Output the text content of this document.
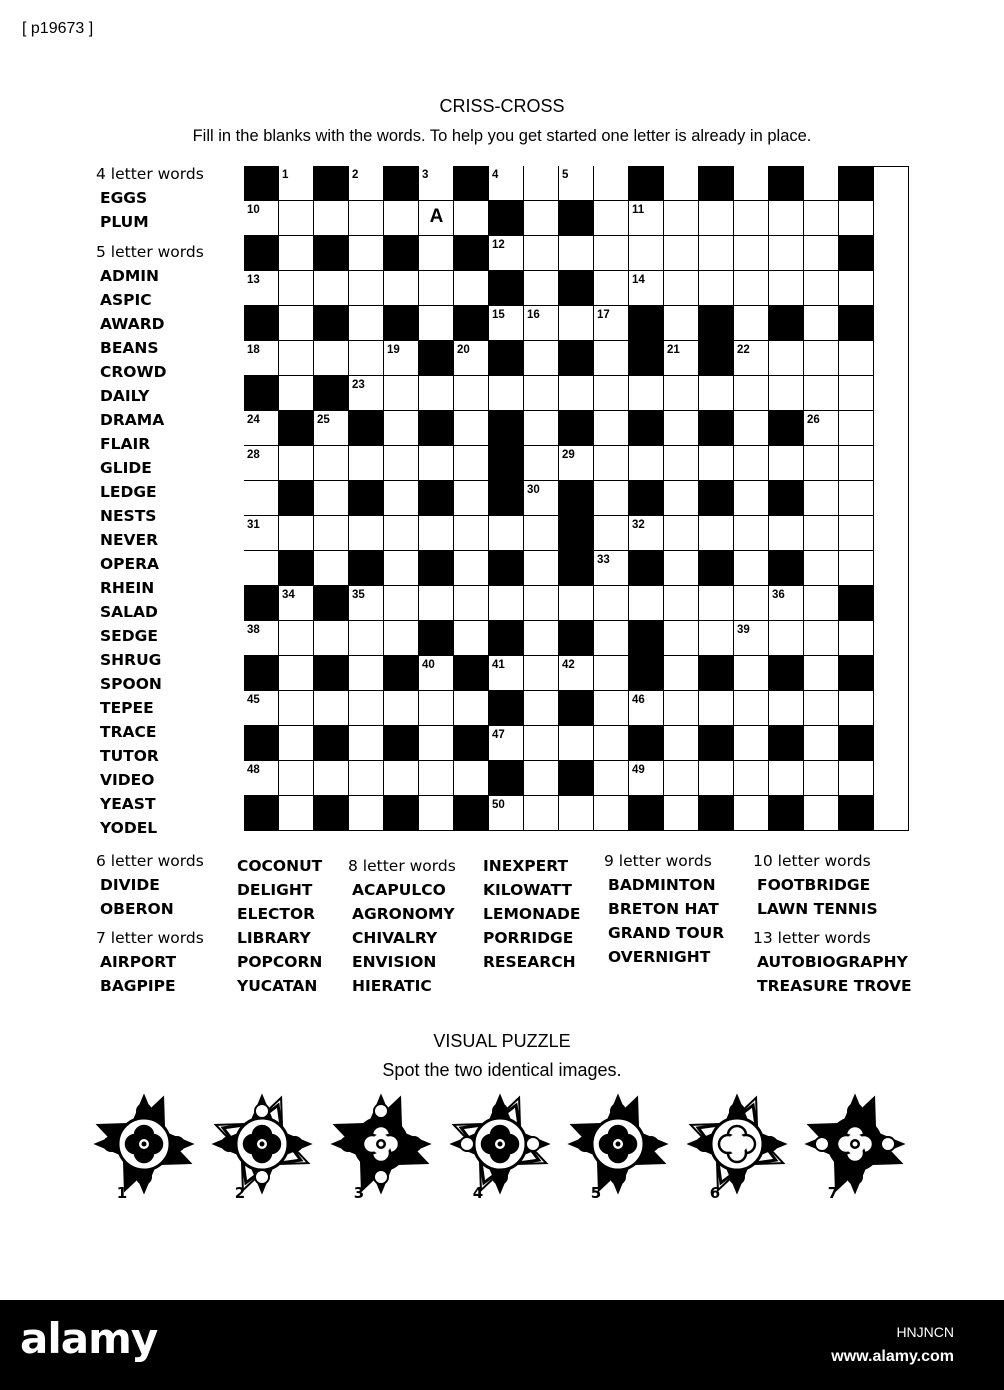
[ p19673 ]
CRISS-CROSS
Fill in the blanks with the words. To help you get started one letter is already in place.
4 letter words
EGGS
PLUM
5 letter words
ADMIN
ASPIC
AWARD
BEANS
CROWD
DAILY
DRAMA
FLAIR
GLIDE
LEDGE
NESTS
NEVER
OPERA
RHEIN
SALAD
SEDGE
SHRUG
SPOON
TEPEE
TRACE
TUTOR
VIDEO
YEAST
YODEL
1	2	3	4	5
10	A	11
12
13	14
15 16	17
18	19	20	21	22
23
24	25	26
28	29
30
31	32
33
34	35	36
38	39
40	41	42
45	46
47
48	49
50
6 letter words
DIVIDE
OBERON
7 letter words
AIRPORT
BAGPIPE
COCONUT
DELIGHT
ELECTOR
LIBRARY
POPCORN
YUCATAN
8 letter words
ACAPULCO
AGRONOMY
CHIVALRY
ENVISION
HIERATIC
INEXPERT
KILOWATT
LEMONADE
PORRIDGE
RESEARCH
9 letter words
BADMINTON
BRETON HAT
GRAND TOUR
OVERNIGHT
10 letter words
FOOTBRIDGE
LAWN TENNIS
13 letter words
AUTOBIOGRAPHY
TREASURE TROVE
VISUAL PUZZLE
Spot the two identical images.
1	2	3	4	5	6	7
alamy	HNJNCN
www.alamy.com
